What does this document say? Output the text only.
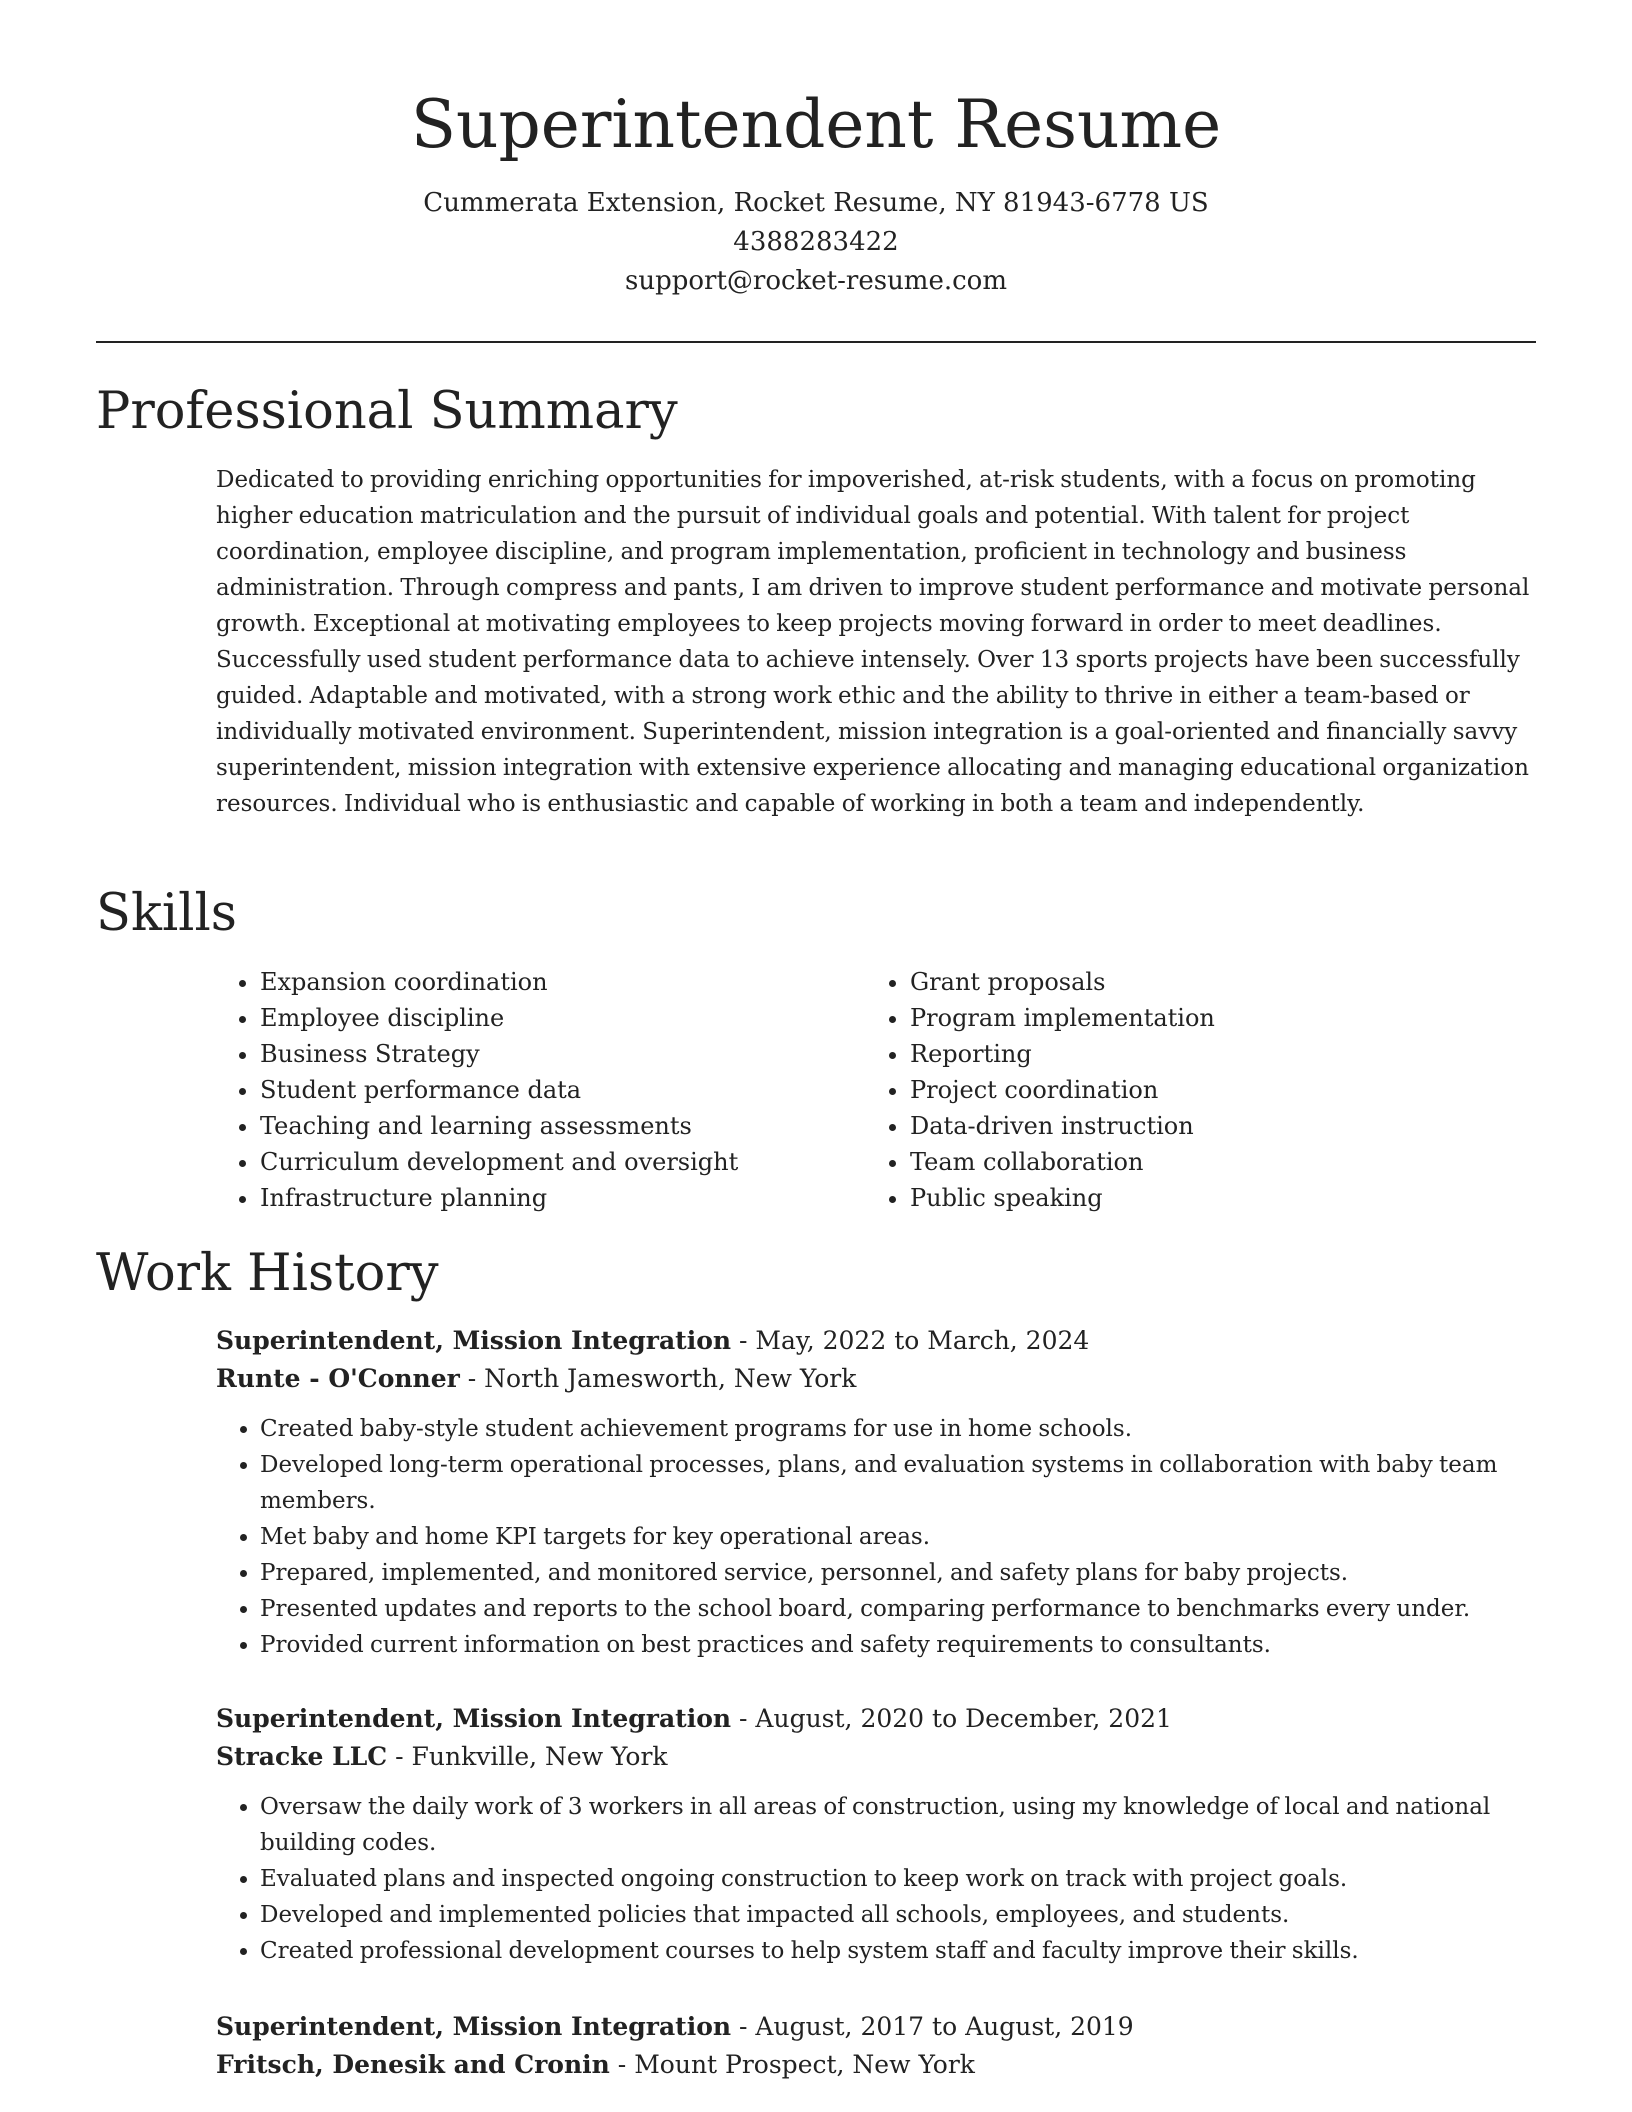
Superintendent Resume
Cummerata Extension, Rocket Resume, NY 81943-6778 US
4388283422
support@rocket-resume.com
Professional Summary

Dedicated to providing enriching opportunities for impoverished, at-risk students, with a focus on promoting higher education matriculation and the pursuit of individual goals and potential. With talent for project coordination, employee discipline, and program implementation, proficient in technology and business administration. Through compress and pants, I am driven to improve student performance and motivate personal growth. Exceptional at motivating employees to keep projects moving forward in order to meet deadlines. Successfully used student performance data to achieve intensely. Over 13 sports projects have been successfully guided. Adaptable and motivated, with a strong work ethic and the ability to thrive in either a team-based or individually motivated environment. Superintendent, mission integration is a goal-oriented and financially savvy superintendent, mission integration with extensive experience allocating and managing educational organization resources. Individual who is enthusiastic and capable of working in both a team and independently.

Skills
• Expansion coordination
• Employee discipline
• Business Strategy
• Student performance data
• Teaching and learning assessments
• Curriculum development and oversight
• Infrastructure planning
• Grant proposals
• Program implementation
• Reporting
• Project coordination
• Data-driven instruction
• Team collaboration
• Public speaking
Work History
Superintendent, Mission Integration - May, 2022 to March, 2024
Runte - O'Conner - North Jamesworth, New York
• Created baby-style student achievement programs for use in home schools.
• Developed long-term operational processes, plans, and evaluation systems in collaboration with baby team members.
• Met baby and home KPI targets for key operational areas.
• Prepared, implemented, and monitored service, personnel, and safety plans for baby projects.
• Presented updates and reports to the school board, comparing performance to benchmarks every under.
• Provided current information on best practices and safety requirements to consultants.
Superintendent, Mission Integration - August, 2020 to December, 2021
Stracke LLC - Funkville, New York
• Oversaw the daily work of 3 workers in all areas of construction, using my knowledge of local and national building codes.
• Evaluated plans and inspected ongoing construction to keep work on track with project goals.
• Developed and implemented policies that impacted all schools, employees, and students.
• Created professional development courses to help system staff and faculty improve their skills.
Superintendent, Mission Integration - August, 2017 to August, 2019
Fritsch, Denesik and Cronin - Mount Prospect, New York
